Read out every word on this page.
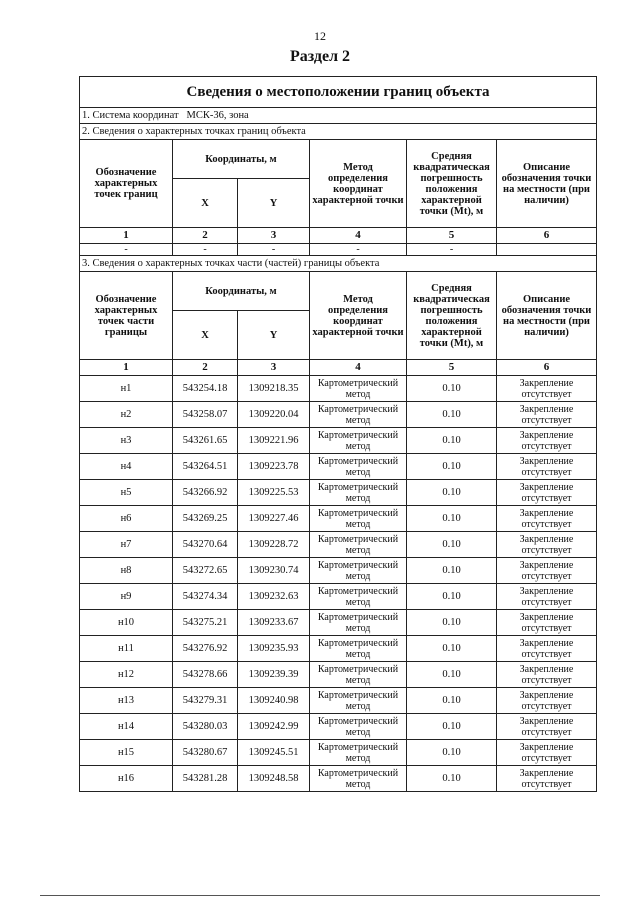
12
Раздел 2
Сведения о местоположении границ объекта					
1. Система координат МСК-36, зона					
2. Сведения о характерных точках границ объекта					
Обозначение характерных точек границ	Координаты, м		Метод определения координат характерной точки	Средняя квадратическая погрешность положения характерной точки (Mt), м	Описание обозначения точки на местности (при наличии)
	X	Y			
1	2	3	4	5	6
-	-	-	-	-	
3. Сведения о характерных точках части (частей) границы объекта					
Обозначение характерных точек части границы	Координаты, м		Метод определения координат характерной точки	Средняя квадратическая погрешность положения характерной точки (Mt), м	Описание обозначения точки на местности (при наличии)
	X	Y			
1	2	3	4	5	6
н1	543254.18	1309218.35	Картометрический метод	0.10	Закрепление отсутствует
н2	543258.07	1309220.04	Картометрический метод	0.10	Закрепление отсутствует
н3	543261.65	1309221.96	Картометрический метод	0.10	Закрепление отсутствует
н4	543264.51	1309223.78	Картометрический метод	0.10	Закрепление отсутствует
н5	543266.92	1309225.53	Картометрический метод	0.10	Закрепление отсутствует
н6	543269.25	1309227.46	Картометрический метод	0.10	Закрепление отсутствует
н7	543270.64	1309228.72	Картометрический метод	0.10	Закрепление отсутствует
н8	543272.65	1309230.74	Картометрический метод	0.10	Закрепление отсутствует
н9	543274.34	1309232.63	Картометрический метод	0.10	Закрепление отсутствует
н10	543275.21	1309233.67	Картометрический метод	0.10	Закрепление отсутствует
н11	543276.92	1309235.93	Картометрический метод	0.10	Закрепление отсутствует
н12	543278.66	1309239.39	Картометрический метод	0.10	Закрепление отсутствует
н13	543279.31	1309240.98	Картометрический метод	0.10	Закрепление отсутствует
н14	543280.03	1309242.99	Картометрический метод	0.10	Закрепление отсутствует
н15	543280.67	1309245.51	Картометрический метод	0.10	Закрепление отсутствует
н16	543281.28	1309248.58	Картометрический метод	0.10	Закрепление отсутствует
